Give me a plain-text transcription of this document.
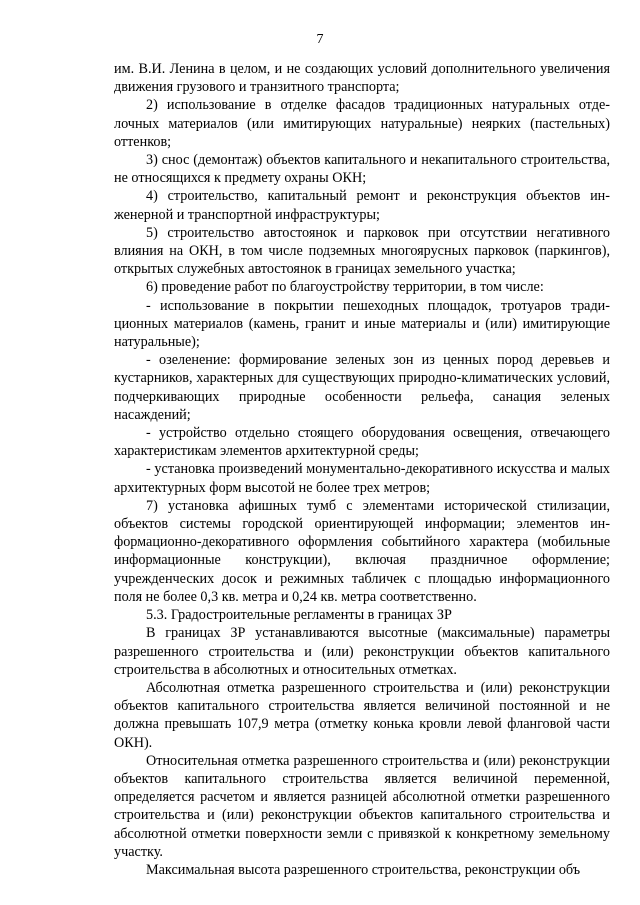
7

им. В.И. Ленина в целом, и не создающих условий дополнительного увеличения движения грузового и транзитного транспорта;

2) использование в отделке фасадов традиционных натуральных отделочных материалов (или имитирующих натуральные) неярких (пастельных) оттенков;

3) снос (демонтаж) объектов капитального и некапитального строительства, не относящихся к предмету охраны ОКН;

4) строительство, капитальный ремонт и реконструкция объектов инженерной и транспортной инфраструктуры;

5) строительство автостоянок и парковок при отсутствии негативного влияния на ОКН, в том числе подземных многоярусных парковок (паркингов), открытых служебных автостоянок в границах земельного участка;

6) проведение работ по благоустройству территории, в том числе:

- использование в покрытии пешеходных площадок, тротуаров традиционных материалов (камень, гранит и иные материалы и (или) имитирующие натуральные);

- озеленение: формирование зеленых зон из ценных пород деревьев и кустарников, характерных для существующих природно-климатических условий, подчеркивающих природные особенности рельефа, санация зеленых насаждений;

- устройство отдельно стоящего оборудования освещения, отвечающего характеристикам элементов архитектурной среды;

- установка произведений монументально-декоративного искусства и малых архитектурных форм высотой не более трех метров;

7) установка афишных тумб с элементами исторической стилизации, объектов системы городской ориентирующей информации; элементов информационно-декоративного оформления событийного характера (мобильные информационные конструкции), включая праздничное оформление; учрежденческих досок и режимных табличек с площадью информационного поля не более 0,3 кв. метра и 0,24 кв. метра соответственно.

5.3. Градостроительные регламенты в границах ЗР

В границах ЗР устанавливаются высотные (максимальные) параметры разрешенного строительства и (или) реконструкции объектов капитального строительства в абсолютных и относительных отметках.

Абсолютная отметка разрешенного строительства и (или) реконструкции объектов капитального строительства является величиной постоянной и не должна превышать 107,9 метра (отметку конька кровли левой фланговой части ОКН).

Относительная отметка разрешенного строительства и (или) реконструкции объектов капитального строительства является величиной переменной, определяется расчетом и является разницей абсолютной отметки разрешенного строительства и (или) реконструкции объектов капитального строительства и абсолютной отметки поверхности земли с привязкой к конкретному земельному участку.

Максимальная высота разрешенного строительства, реконструкции объ
